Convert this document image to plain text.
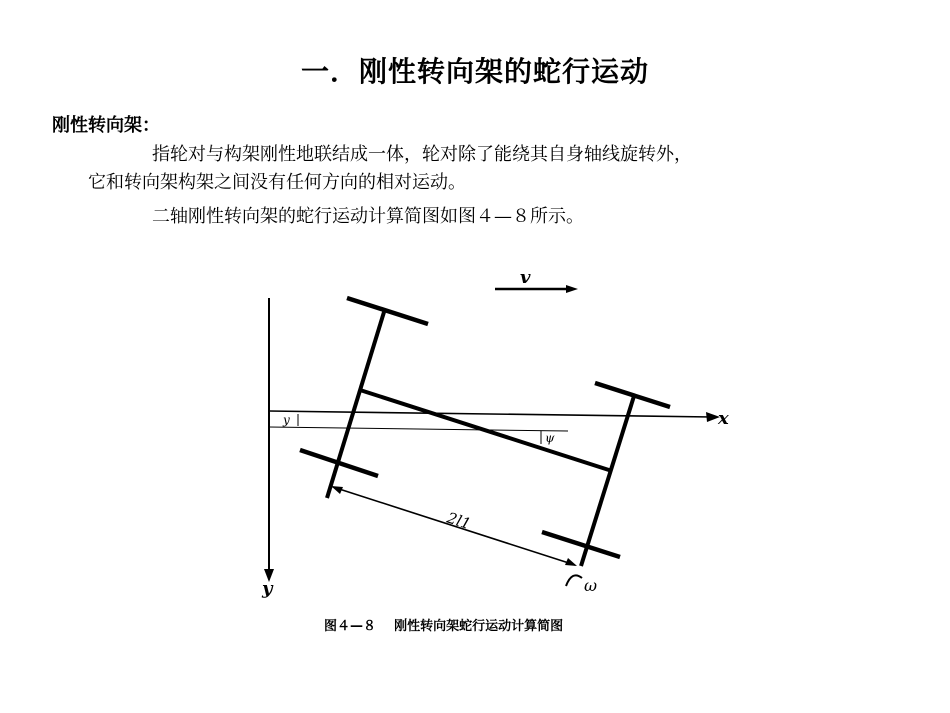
一．刚性转向架的蛇行运动
刚性转向架：
指轮对与构架刚性地联结成一体，轮对除了能绕其自身轴线旋转外，
它和转向架构架之间没有任何方向的相对运动。
二轴刚性转向架的蛇行运动计算简图如图４—８所示。
v
y
x
y
ψ
2l1
ω
图４—８    刚性转向架蛇行运动计算简图
